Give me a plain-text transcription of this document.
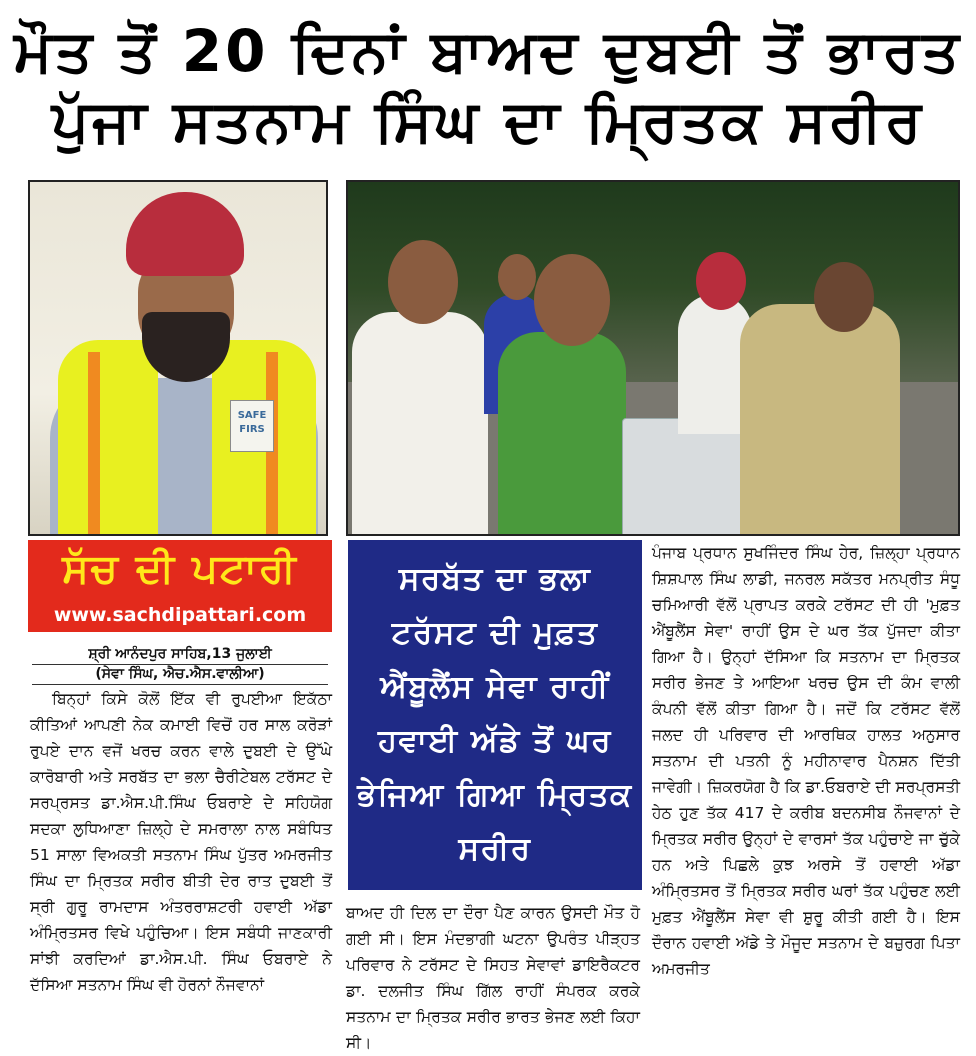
ਮੌਤ ਤੋਂ 20 ਦਿਨਾਂ ਬਾਅਦ ਦੁਬਈ ਤੋਂ ਭਾਰਤ
ਪੁੱਜਾ ਸਤਨਾਮ ਸਿੰਘ ਦਾ ਮ੍ਰਿਤਕ ਸਰੀਰ
SAFE FIRS
ਸੱਚ ਦੀ ਪਟਾਰੀ
www.sachdipattari.com
ਸ਼੍ਰੀ ਆਨੰਦਪੁਰ ਸਾਹਿਬ,13 ਜੁਲਾਈ
(ਸੇਵਾ ਸਿੰਘ, ਐਚ.ਐਸ.ਵਾਲੀਆ)

ਬਿਨ੍ਹਾਂ ਕਿਸੇ ਕੋਲੋਂ ਇੱਕ ਵੀ ਰੁਪਈਆ ਇਕੱਠਾ ਕੀਤਿਆਂ ਆਪਣੀ ਨੇਕ ਕਮਾਈ ਵਿਚੋਂ ਹਰ ਸਾਲ ਕਰੋੜਾਂ ਰੁਪਏ ਦਾਨ ਵਜੋਂ ਖਰਚ ਕਰਨ ਵਾਲੇ ਦੁਬਈ ਦੇ ਉੱਘੇ ਕਾਰੋਬਾਰੀ ਅਤੇ ਸਰਬੱਤ ਦਾ ਭਲਾ ਚੈਰੀਟੇਬਲ ਟਰੱਸਟ ਦੇ ਸਰਪ੍ਰਸਤ ਡਾ.ਐਸ.ਪੀ.ਸਿੰਘ ਓਬਰਾਏ ਦੇ ਸਹਿਯੋਗ ਸਦਕਾ ਲੁਧਿਆਣਾ ਜ਼ਿਲ੍ਹੇ ਦੇ ਸਮਰਾਲਾ ਨਾਲ ਸਬੰਧਿਤ 51 ਸਾਲਾ ਵਿਅਕਤੀ ਸਤਨਾਮ ਸਿੰਘ ਪੁੱਤਰ ਅਮਰਜੀਤ ਸਿੰਘ ਦਾ ਮ੍ਰਿਤਕ ਸਰੀਰ ਬੀਤੀ ਦੇਰ ਰਾਤ ਦੁਬਈ ਤੋਂ ਸ੍ਰੀ ਗੁਰੂ ਰਾਮਦਾਸ ਅੰਤਰਰਾਸ਼ਟਰੀ ਹਵਾਈ ਅੱਡਾ ਅੰਮ੍ਰਿਤਸਰ ਵਿਖੇ ਪਹੁੰਚਿਆ। ਇਸ ਸਬੰਧੀ ਜਾਣਕਾਰੀ ਸਾਂਝੀ ਕਰਦਿਆਂ ਡਾ.ਐਸ.ਪੀ. ਸਿੰਘ ਓਬਰਾਏ ਨੇ ਦੱਸਿਆ ਸਤਨਾਮ ਸਿੰਘ ਵੀ ਹੋਰਨਾਂ ਨੌਜਵਾਨਾਂ

ਸਰਬੱਤ ਦਾ ਭਲਾ ਟਰੱਸਟ ਦੀ ਮੁਫ਼ਤ ਐਂਬੂਲੈਂਸ ਸੇਵਾ ਰਾਹੀਂ ਹਵਾਈ ਅੱਡੇ ਤੋਂ ਘਰ ਭੇਜਿਆ ਗਿਆ ਮ੍ਰਿਤਕ ਸਰੀਰ

ਬਾਅਦ ਹੀ ਦਿਲ ਦਾ ਦੌਰਾ ਪੈਣ ਕਾਰਨ ਉਸਦੀ ਮੌਤ ਹੋ ਗਈ ਸੀ। ਇਸ ਮੰਦਭਾਗੀ ਘਟਨਾ ਉਪਰੰਤ ਪੀੜ੍ਹਤ ਪਰਿਵਾਰ ਨੇ ਟਰੱਸਟ ਦੇ ਸਿਹਤ ਸੇਵਾਵਾਂ ਡਾਇਰੈਕਟਰ ਡਾ. ਦਲਜੀਤ ਸਿੰਘ ਗਿੱਲ ਰਾਹੀਂ ਸੰਪਰਕ ਕਰਕੇ ਸਤਨਾਮ ਦਾ ਮ੍ਰਿਤਕ ਸਰੀਰ ਭਾਰਤ ਭੇਜਣ ਲਈ ਕਿਹਾ ਸੀ।

ਪੰਜਾਬ ਪ੍ਰਧਾਨ ਸੁਖਜਿੰਦਰ ਸਿੰਘ ਹੇਰ, ਜ਼ਿਲ੍ਹਾ ਪ੍ਰਧਾਨ ਸ਼ਿਸ਼ਪਾਲ ਸਿੰਘ ਲਾਡੀ, ਜਨਰਲ ਸਕੱਤਰ ਮਨਪ੍ਰੀਤ ਸੰਧੂ ਚਮਿਆਰੀ ਵੱਲੋਂ ਪ੍ਰਾਪਤ ਕਰਕੇ ਟਰੱਸਟ ਦੀ ਹੀ 'ਮੁਫ਼ਤ ਐਂਬੂਲੈਂਸ ਸੇਵਾ' ਰਾਹੀਂ ਉਸ ਦੇ ਘਰ ਤੱਕ ਪੁੱਜਦਾ ਕੀਤਾ ਗਿਆ ਹੈ। ਉਨ੍ਹਾਂ ਦੱਸਿਆ ਕਿ ਸਤਨਾਮ ਦਾ ਮ੍ਰਿਤਕ ਸਰੀਰ ਭੇਜਣ ਤੇ ਆਇਆ ਖਰਚ ਉਸ ਦੀ ਕੰਮ ਵਾਲੀ ਕੰਪਨੀ ਵੱਲੋਂ ਕੀਤਾ ਗਿਆ ਹੈ। ਜਦੋਂ ਕਿ ਟਰੱਸਟ ਵੱਲੋਂ ਜਲਦ ਹੀ ਪਰਿਵਾਰ ਦੀ ਆਰਥਿਕ ਹਾਲਤ ਅਨੁਸਾਰ ਸਤਨਾਮ ਦੀ ਪਤਨੀ ਨੂੰ ਮਹੀਨਾਵਾਰ ਪੈਨਸ਼ਨ ਦਿੱਤੀ ਜਾਵੇਗੀ। ਜ਼ਿਕਰਯੋਗ ਹੈ ਕਿ ਡਾ.ਓਬਰਾਏ ਦੀ ਸਰਪ੍ਰਸਤੀ ਹੇਠ ਹੁਣ ਤੱਕ 417 ਦੇ ਕਰੀਬ ਬਦਨਸੀਬ ਨੌਜਵਾਨਾਂ ਦੇ ਮ੍ਰਿਤਕ ਸਰੀਰ ਉਨ੍ਹਾਂ ਦੇ ਵਾਰਸਾਂ ਤੱਕ ਪਹੁੰਚਾਏ ਜਾ ਚੁੱਕੇ ਹਨ ਅਤੇ ਪਿਛਲੇ ਕੁਝ ਅਰਸੇ ਤੋਂ ਹਵਾਈ ਅੱਡਾ ਅੰਮ੍ਰਿਤਸਰ ਤੋਂ ਮ੍ਰਿਤਕ ਸਰੀਰ ਘਰਾਂ ਤੱਕ ਪਹੁੰਚਣ ਲਈ ਮੁਫ਼ਤ ਐਂਬੂਲੈਂਸ ਸੇਵਾ ਵੀ ਸ਼ੁਰੂ ਕੀਤੀ ਗਈ ਹੈ। ਇਸ ਦੌਰਾਨ ਹਵਾਈ ਅੱਡੇ ਤੇ ਮੌਜੂਦ ਸਤਨਾਮ ਦੇ ਬਜ਼ੁਰਗ ਪਿਤਾ ਅਮਰਜੀਤ
